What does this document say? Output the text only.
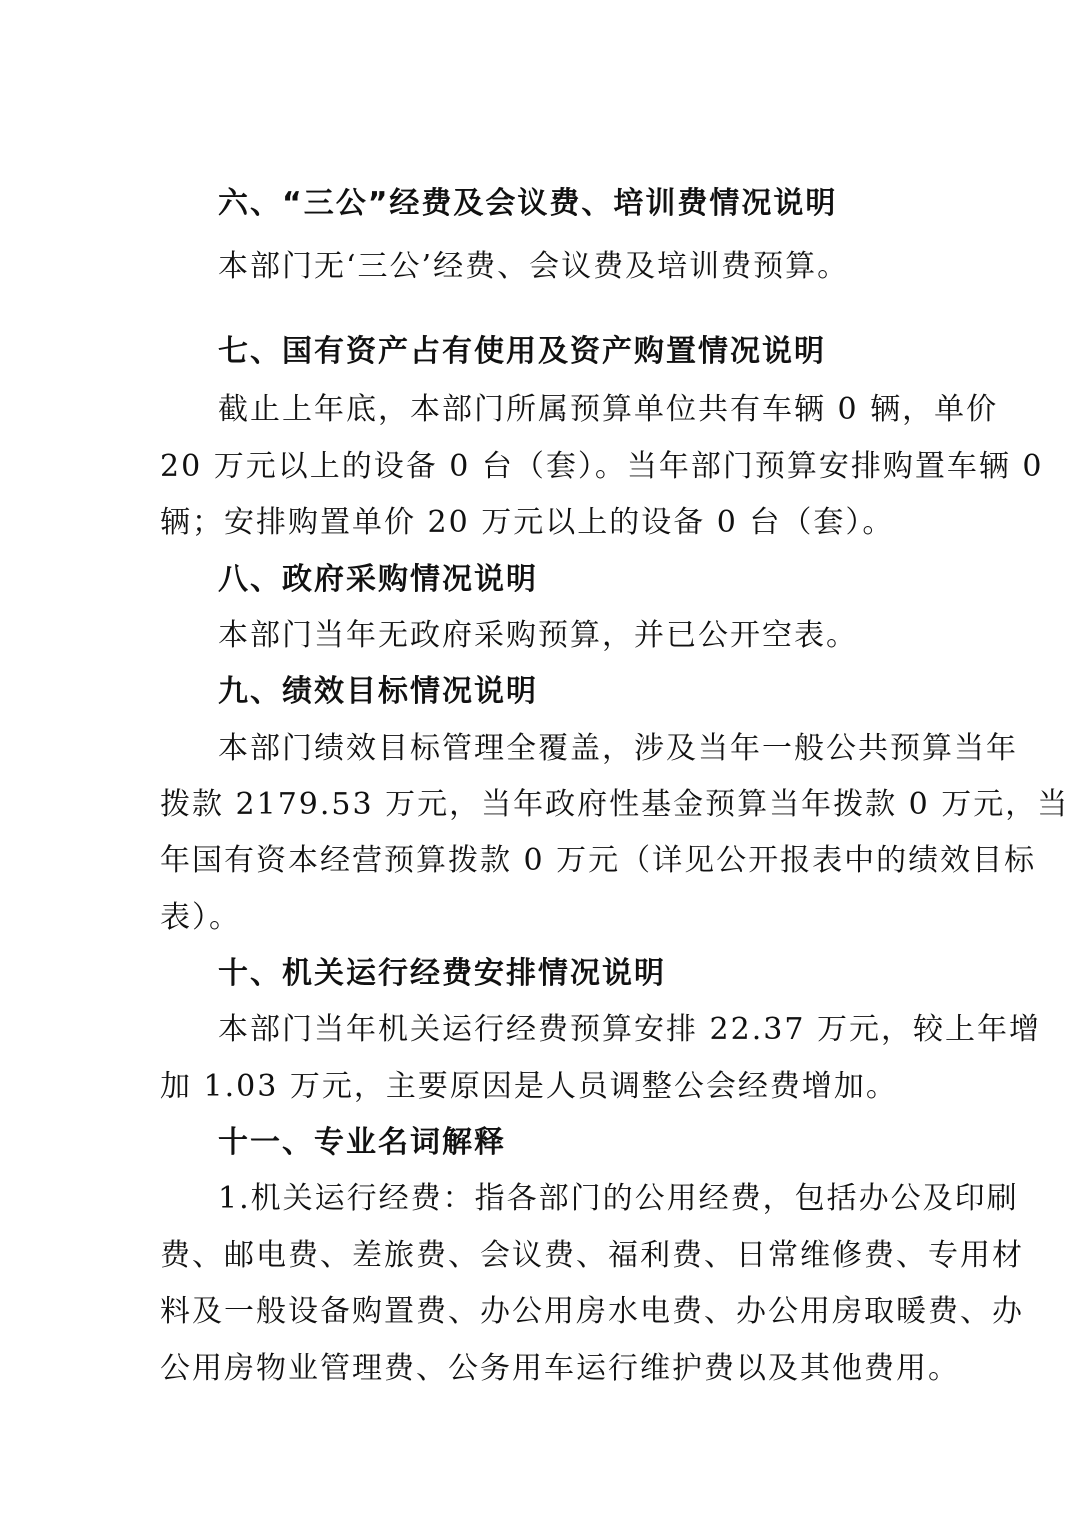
六、“三公”经费及会议费、培训费情况说明
本部门无‘三公’经费、会议费及培训费预算。
七、国有资产占有使用及资产购置情况说明
截止上年底，本部门所属预算单位共有车辆 0 辆，单价
20 万元以上的设备 0 台（套）。当年部门预算安排购置车辆 0
辆；安排购置单价 20 万元以上的设备 0 台（套）。
八、政府采购情况说明
本部门当年无政府采购预算，并已公开空表。
九、绩效目标情况说明
本部门绩效目标管理全覆盖，涉及当年一般公共预算当年
拨款 2179.53 万元，当年政府性基金预算当年拨款 0 万元，当
年国有资本经营预算拨款 0 万元（详见公开报表中的绩效目标
表）。
十、机关运行经费安排情况说明
本部门当年机关运行经费预算安排 22.37 万元，较上年增
加 1.03 万元，主要原因是人员调整公会经费增加。
十一、专业名词解释
1.机关运行经费：指各部门的公用经费，包括办公及印刷
费、邮电费、差旅费、会议费、福利费、日常维修费、专用材
料及一般设备购置费、办公用房水电费、办公用房取暖费、办
公用房物业管理费、公务用车运行维护费以及其他费用。
